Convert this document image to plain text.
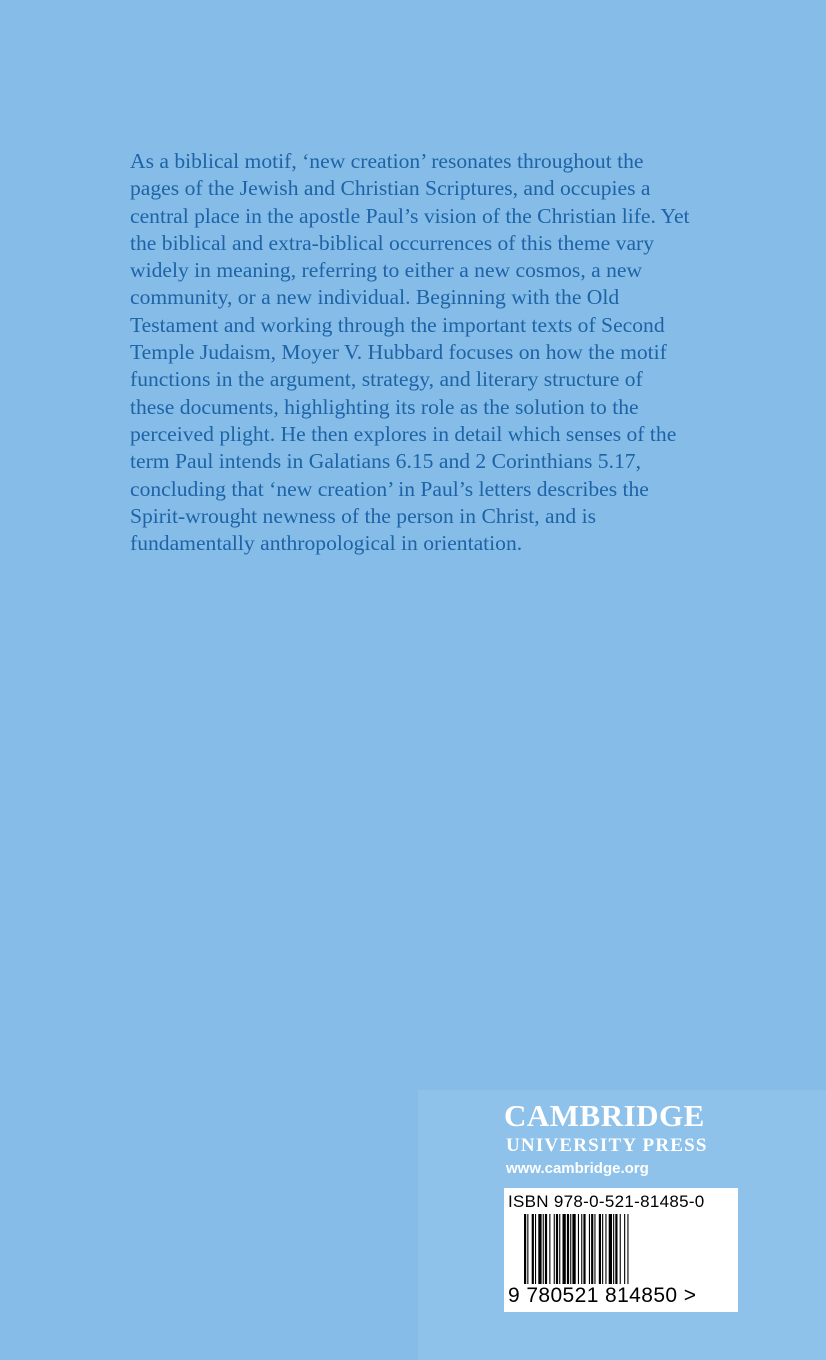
As a biblical motif, ‘new creation’ resonates throughout the
pages of the Jewish and Christian Scriptures, and occupies a
central place in the apostle Paul’s vision of the Christian life. Yet
the biblical and extra-biblical occurrences of this theme vary
widely in meaning, referring to either a new cosmos, a new
community, or a new individual. Beginning with the Old
Testament and working through the important texts of Second
Temple Judaism, Moyer V. Hubbard focuses on how the motif
functions in the argument, strategy, and literary structure of
these documents, highlighting its role as the solution to the
perceived plight. He then explores in detail which senses of the
term Paul intends in Galatians 6.15 and 2 Corinthians 5.17,
concluding that ‘new creation’ in Paul’s letters describes the
Spirit-wrought newness of the person in Christ, and is
fundamentally anthropological in orientation.
CAMBRIDGE
UNIVERSITY PRESS
www.cambridge.org
ISBN 978-0-521-81485-0
9 780521 814850 >
